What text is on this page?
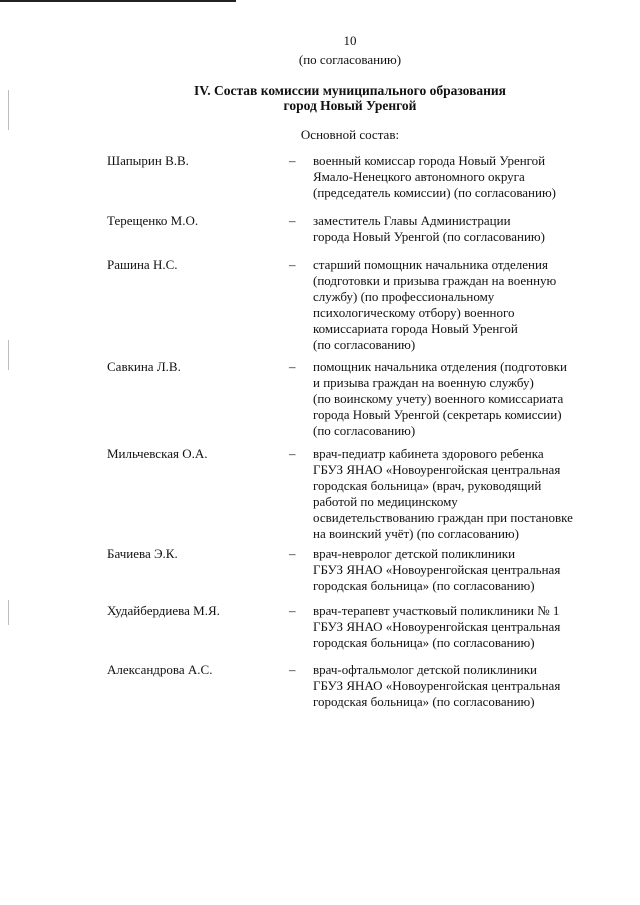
10
(по согласованию)
IV. Состав комиссии муниципального образования
город Новый Уренгой
Основной состав:
Шапырин В.В.	– военный комиссар города Новый Уренгой
Ямало-Ненецкого автономного округа
(председатель комиссии) (по согласованию)
Терещенко М.О.	– заместитель Главы Администрации
города Новый Уренгой (по согласованию)
Рашина Н.С.	– старший помощник начальника отделения
(подготовки и призыва граждан на военную
службу) (по профессиональному
психологическому отбору) военного
комиссариата города Новый Уренгой
(по согласованию)
Савкина Л.В.	– помощник начальника отделения (подготовки
и призыва граждан на военную службу)
(по воинскому учету) военного комиссариата
города Новый Уренгой (секретарь комиссии)
(по согласованию)
Мильчевская О.А.	– врач-педиатр кабинета здорового ребенка
ГБУЗ ЯНАО «Новоуренгойская центральная
городская больница» (врач, руководящий
работой по медицинскому
освидетельствованию граждан при постановке
на воинский учёт) (по согласованию)
Бачиева Э.К.	– врач-невролог детской поликлиники
ГБУЗ ЯНАО «Новоуренгойская центральная
городская больница» (по согласованию)
Худайбердиева М.Я.	– врач-терапевт участковый поликлиники № 1
ГБУЗ ЯНАО «Новоуренгойская центральная
городская больница» (по согласованию)
Александрова А.С.	– врач-офтальмолог детской поликлиники
ГБУЗ ЯНАО «Новоуренгойская центральная
городская больница» (по согласованию)
